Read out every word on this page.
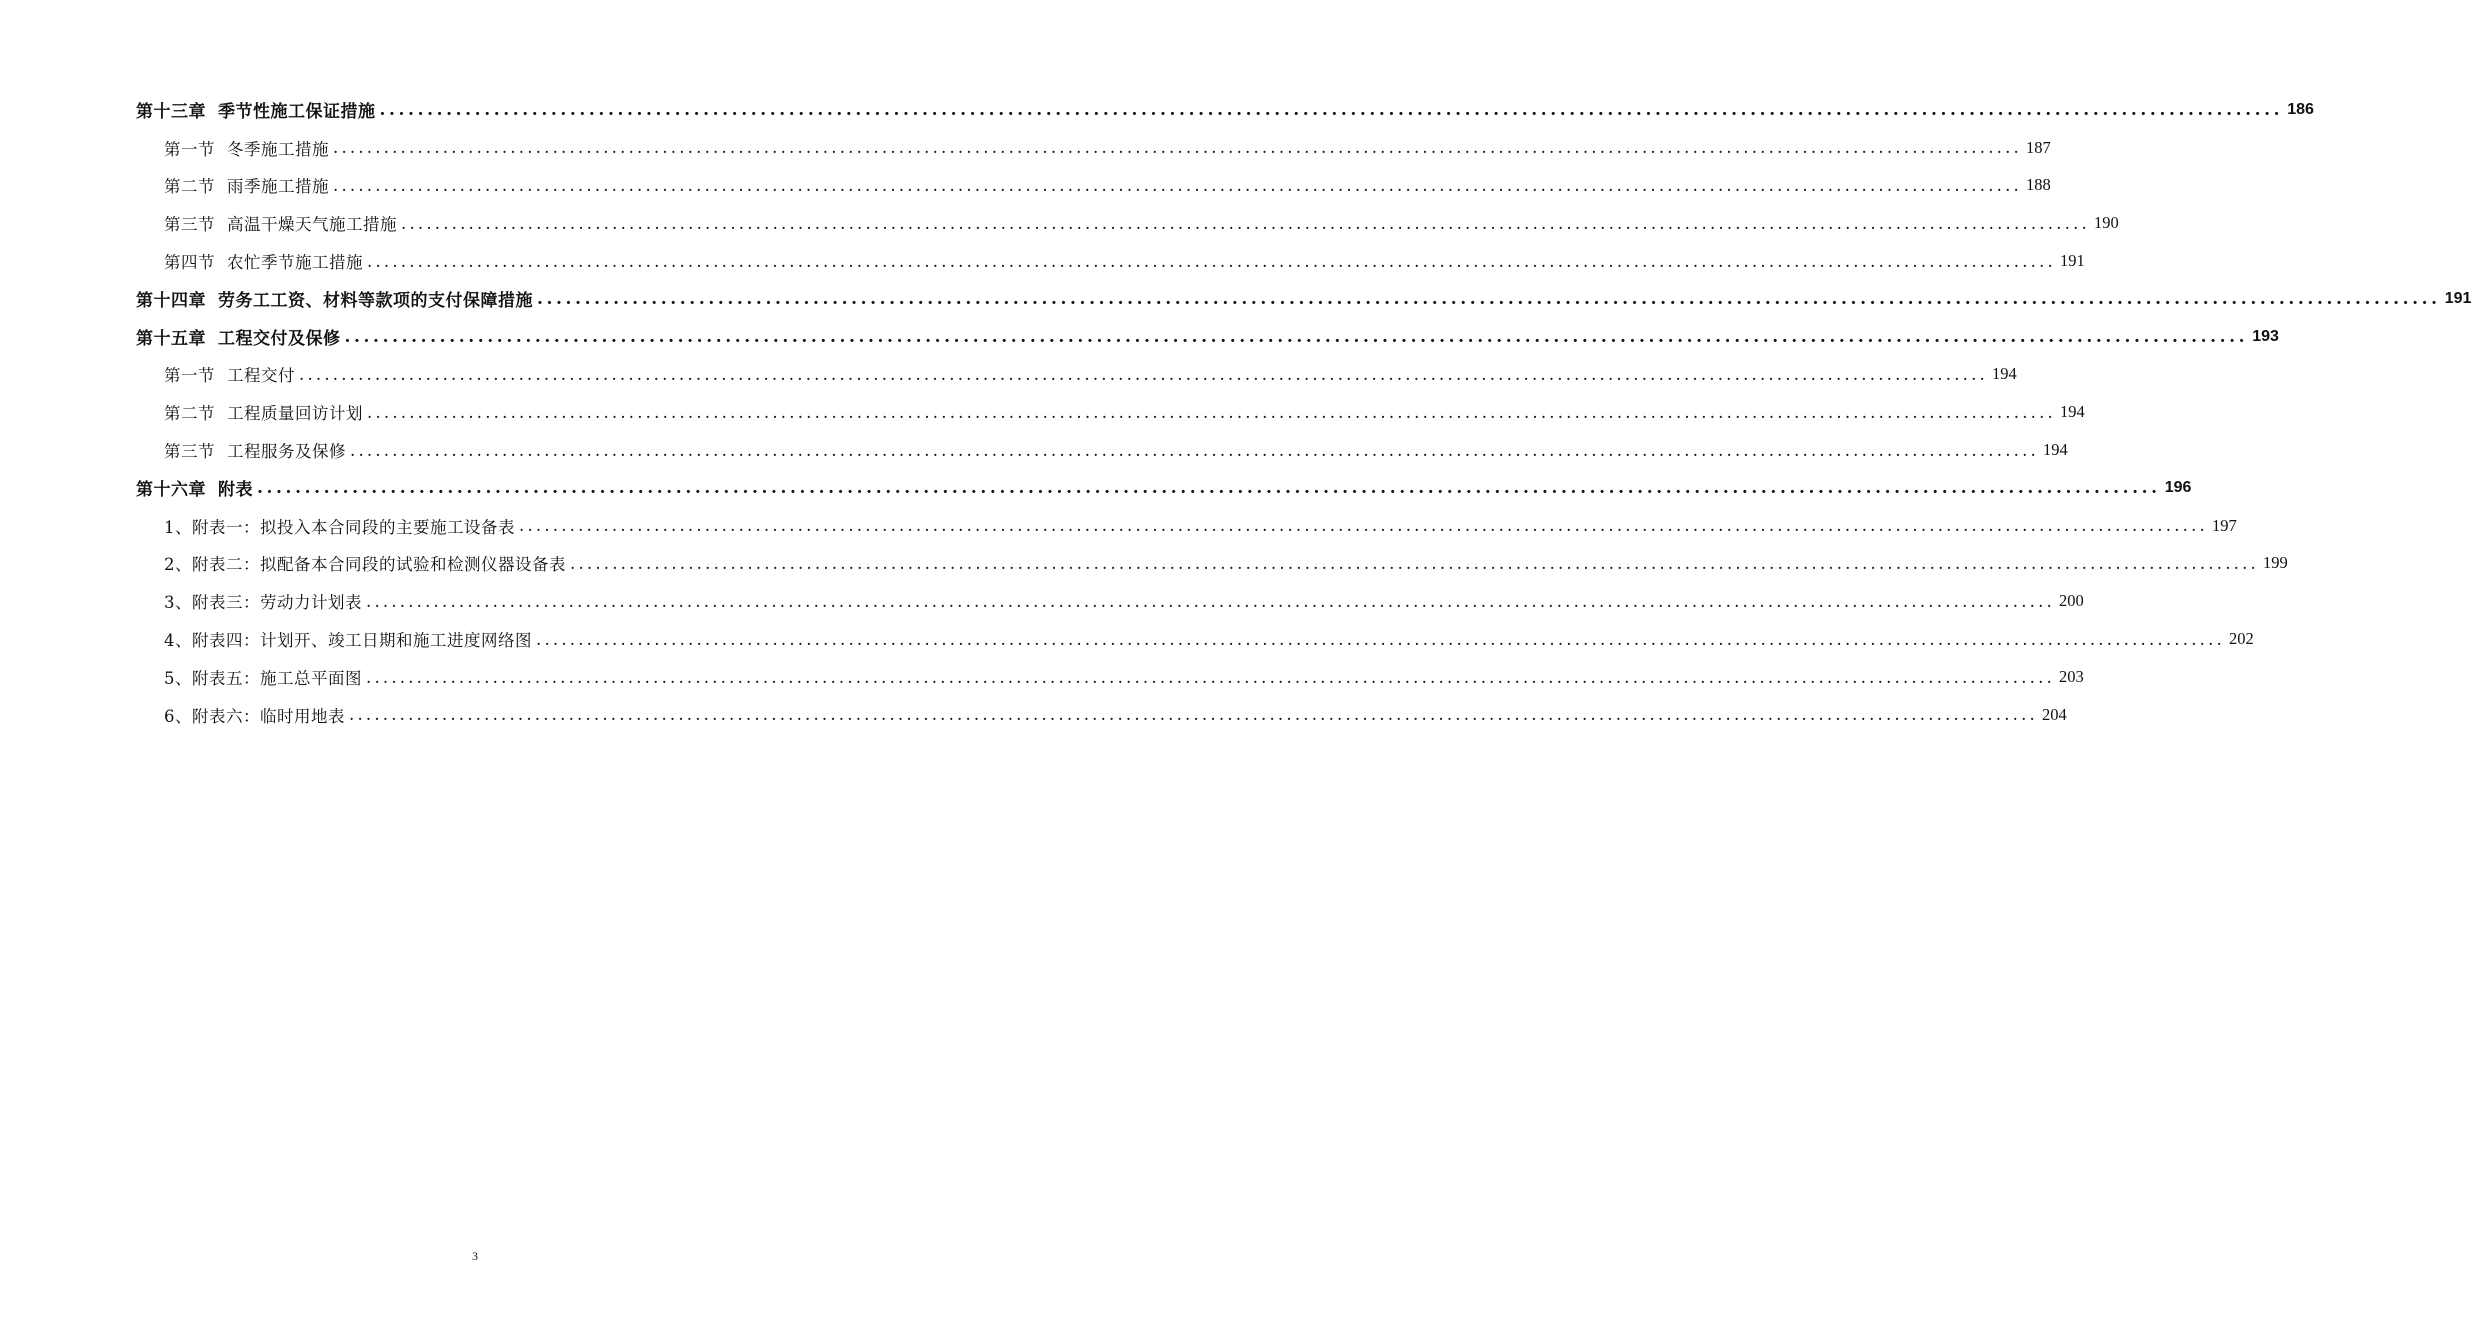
第十三章 季节性施工保证措施 ........................................................................................................................................................................................................ 186
第一节 冬季施工措施 ........................................................................................................................................................................................................ 187
第二节 雨季施工措施 ........................................................................................................................................................................................................ 188
第三节 高温干燥天气施工措施 ........................................................................................................................................................................................................ 190
第四节 农忙季节施工措施 ........................................................................................................................................................................................................ 191
第十四章 劳务工工资、材料等款项的支付保障措施 ........................................................................................................................................................................................................ 191
第十五章 工程交付及保修 ........................................................................................................................................................................................................ 193
第一节 工程交付 ........................................................................................................................................................................................................ 194
第二节 工程质量回访计划 ........................................................................................................................................................................................................ 194
第三节 工程服务及保修 ........................................................................................................................................................................................................ 194
第十六章 附表 ........................................................................................................................................................................................................ 196
1、附表一：拟投入本合同段的主要施工设备表 ........................................................................................................................................................................................................ 197
2、附表二：拟配备本合同段的试验和检测仪器设备表 ........................................................................................................................................................................................................ 199
3、附表三：劳动力计划表 ........................................................................................................................................................................................................ 200
4、附表四：计划开、竣工日期和施工进度网络图 ........................................................................................................................................................................................................ 202
5、附表五：施工总平面图 ........................................................................................................................................................................................................ 203
6、附表六：临时用地表 ........................................................................................................................................................................................................ 204
3
